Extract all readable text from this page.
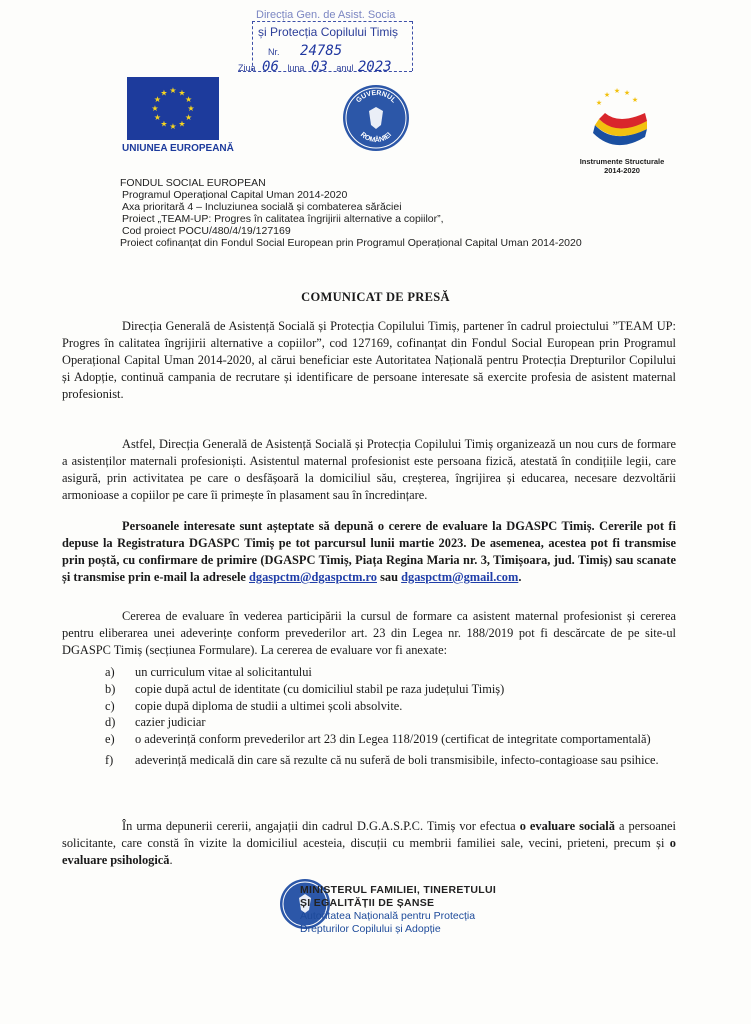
Direcția Gen. de Asist. Socia
și Protecția Copilului Timiș
Nr. 24785
Ziua 06 luna 03 anul 2023
★ ★
★
★
★
★
★
★
★
★
★
★
UNIUNEA EUROPEANĂ
GUVERNUL
ROMÂNIEI
★ ★ ★
★	★
Instrumente Structurale
2014-2020
FONDUL SOCIAL EUROPEAN
Programul Operațional Capital Uman 2014-2020
Axa prioritară 4 – Incluziunea socială și combaterea sărăciei
Proiect „TEAM-UP: Progres în calitatea îngrijirii alternative a copiilor”,
Cod proiect POCU/480/4/19/127169
Proiect cofinanțat din Fondul Social European prin Programul Operațional Capital Uman 2014-2020
COMUNICAT DE PRESĂ

Direcția Generală de Asistență Socială și Protecția Copilului Timiș, partener în cadrul proiectului ”TEAM UP: Progres în calitatea îngrijirii alternative a copiilor”, cod 127169, cofinanțat din Fondul Social European prin Programul Operațional Capital Uman 2014-2020, al cărui beneficiar este Autoritatea Națională pentru Protecția Drepturilor Copilului și Adopție, continuă campania de recrutare și identificare de persoane interesate să exercite profesia de asistent maternal profesionist.

Astfel, Direcția Generală de Asistență Socială și Protecția Copilului Timiș organizează un nou curs de formare a asistenților maternali profesioniști. Asistentul maternal profesionist este persoana fizică, atestată în condițiile legii, care asigură, prin activitatea pe care o desfășoară la domiciliul său, creșterea, îngrijirea și educarea, necesare dezvoltării armonioase a copiilor pe care îi primește în plasament sau în încredințare.

Persoanele interesate sunt așteptate să depună o cerere de evaluare la DGASPC Timiș. Cererile pot fi depuse la Registratura DGASPC Timiș pe tot parcursul lunii martie 2023. De asemenea, acestea pot fi transmise prin poștă, cu confirmare de primire (DGASPC Timiș, Piața Regina Maria nr. 3, Timișoara, jud. Timiș) sau scanate și transmise prin e-mail la adresele dgaspctm@dgaspctm.ro sau dgaspctm@gmail.com.

Cererea de evaluare în vederea participării la cursul de formare ca asistent maternal profesionist și cererea pentru eliberarea unei adeverințe conform prevederilor art. 23 din Legea nr. 188/2019 pot fi descărcate de pe site-ul DGASPC Timiș (secțiunea Formulare). La cererea de evaluare vor fi anexate:

a) un curriculum vitae al solicitantului
b) copie după actul de identitate (cu domiciliul stabil pe raza județului Timiș)
c) copie după diploma de studii a ultimei școli absolvite.
d) cazier judiciar
e) o adeverință conform prevederilor art 23 din Legea 118/2019 (certificat de integritate comportamentală)
f) adeverință medicală din care să rezulte că nu suferă de boli transmisibile, infecto-contagioase sau psihice.

În urma depunerii cererii, angajații din cadrul D.G.A.S.P.C. Timiș vor efectua o evaluare socială a persoanei solicitante, care constă în vizite la domiciliul acesteia, discuții cu membrii familiei sale, vecini, prieteni, precum și o evaluare psihologică.

MINISTERUL FAMILIEI, TINERETULUI
ȘI EGALITĂȚII DE ȘANSE
Autoritatea Națională pentru Protecția
Drepturilor Copilului și Adopție
